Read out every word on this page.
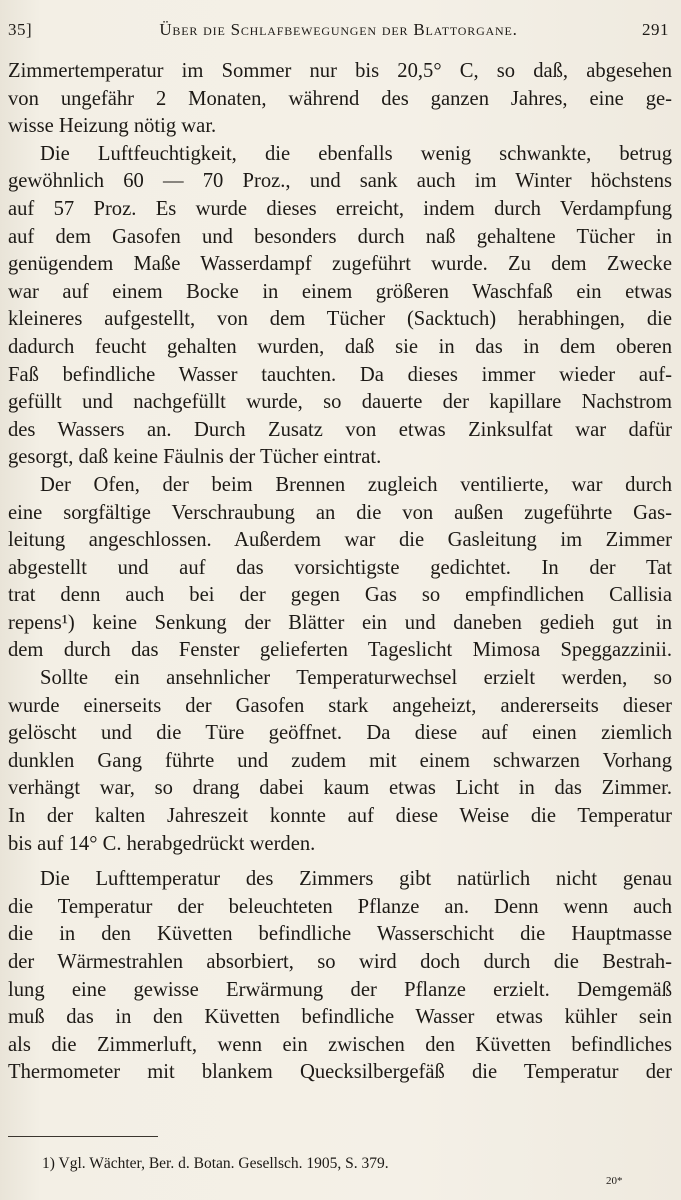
35]	Über die Schlafbewegungen der Blattorgane.	291
Zimmertemperatur im Sommer nur bis 20,5° C, so daß, abgesehen
von ungefähr 2 Monaten, während des ganzen Jahres, eine ge-
wisse Heizung nötig war.
Die Luftfeuchtigkeit, die ebenfalls wenig schwankte, betrug
gewöhnlich 60 — 70 Proz., und sank auch im Winter höchstens
auf 57 Proz. Es wurde dieses erreicht, indem durch Verdampfung
auf dem Gasofen und besonders durch naß gehaltene Tücher in
genügendem Maße Wasserdampf zugeführt wurde. Zu dem Zwecke
war auf einem Bocke in einem größeren Waschfaß ein etwas
kleineres aufgestellt, von dem Tücher (Sacktuch) herabhingen, die
dadurch feucht gehalten wurden, daß sie in das in dem oberen
Faß befindliche Wasser tauchten. Da dieses immer wieder auf-
gefüllt und nachgefüllt wurde, so dauerte der kapillare Nachstrom
des Wassers an. Durch Zusatz von etwas Zinksulfat war dafür
gesorgt, daß keine Fäulnis der Tücher eintrat.
Der Ofen, der beim Brennen zugleich ventilierte, war durch
eine sorgfältige Verschraubung an die von außen zugeführte Gas-
leitung angeschlossen. Außerdem war die Gasleitung im Zimmer
abgestellt und auf das vorsichtigste gedichtet. In der Tat
trat denn auch bei der gegen Gas so empfindlichen Callisia
repens¹) keine Senkung der Blätter ein und daneben gedieh gut in
dem durch das Fenster gelieferten Tageslicht Mimosa Speggazzinii.
Sollte ein ansehnlicher Temperaturwechsel erzielt werden, so
wurde einerseits der Gasofen stark angeheizt, andererseits dieser
gelöscht und die Türe geöffnet. Da diese auf einen ziemlich
dunklen Gang führte und zudem mit einem schwarzen Vorhang
verhängt war, so drang dabei kaum etwas Licht in das Zimmer.
In der kalten Jahreszeit konnte auf diese Weise die Temperatur
bis auf 14° C. herabgedrückt werden.
Die Lufttemperatur des Zimmers gibt natürlich nicht genau
die Temperatur der beleuchteten Pflanze an. Denn wenn auch
die in den Küvetten befindliche Wasserschicht die Hauptmasse
der Wärmestrahlen absorbiert, so wird doch durch die Bestrah-
lung eine gewisse Erwärmung der Pflanze erzielt. Demgemäß
muß das in den Küvetten befindliche Wasser etwas kühler sein
als die Zimmerluft, wenn ein zwischen den Küvetten befindliches
Thermometer mit blankem Quecksilbergefäß die Temperatur der
1) Vgl. Wächter, Ber. d. Botan. Gesellsch. 1905, S. 379.
20*
